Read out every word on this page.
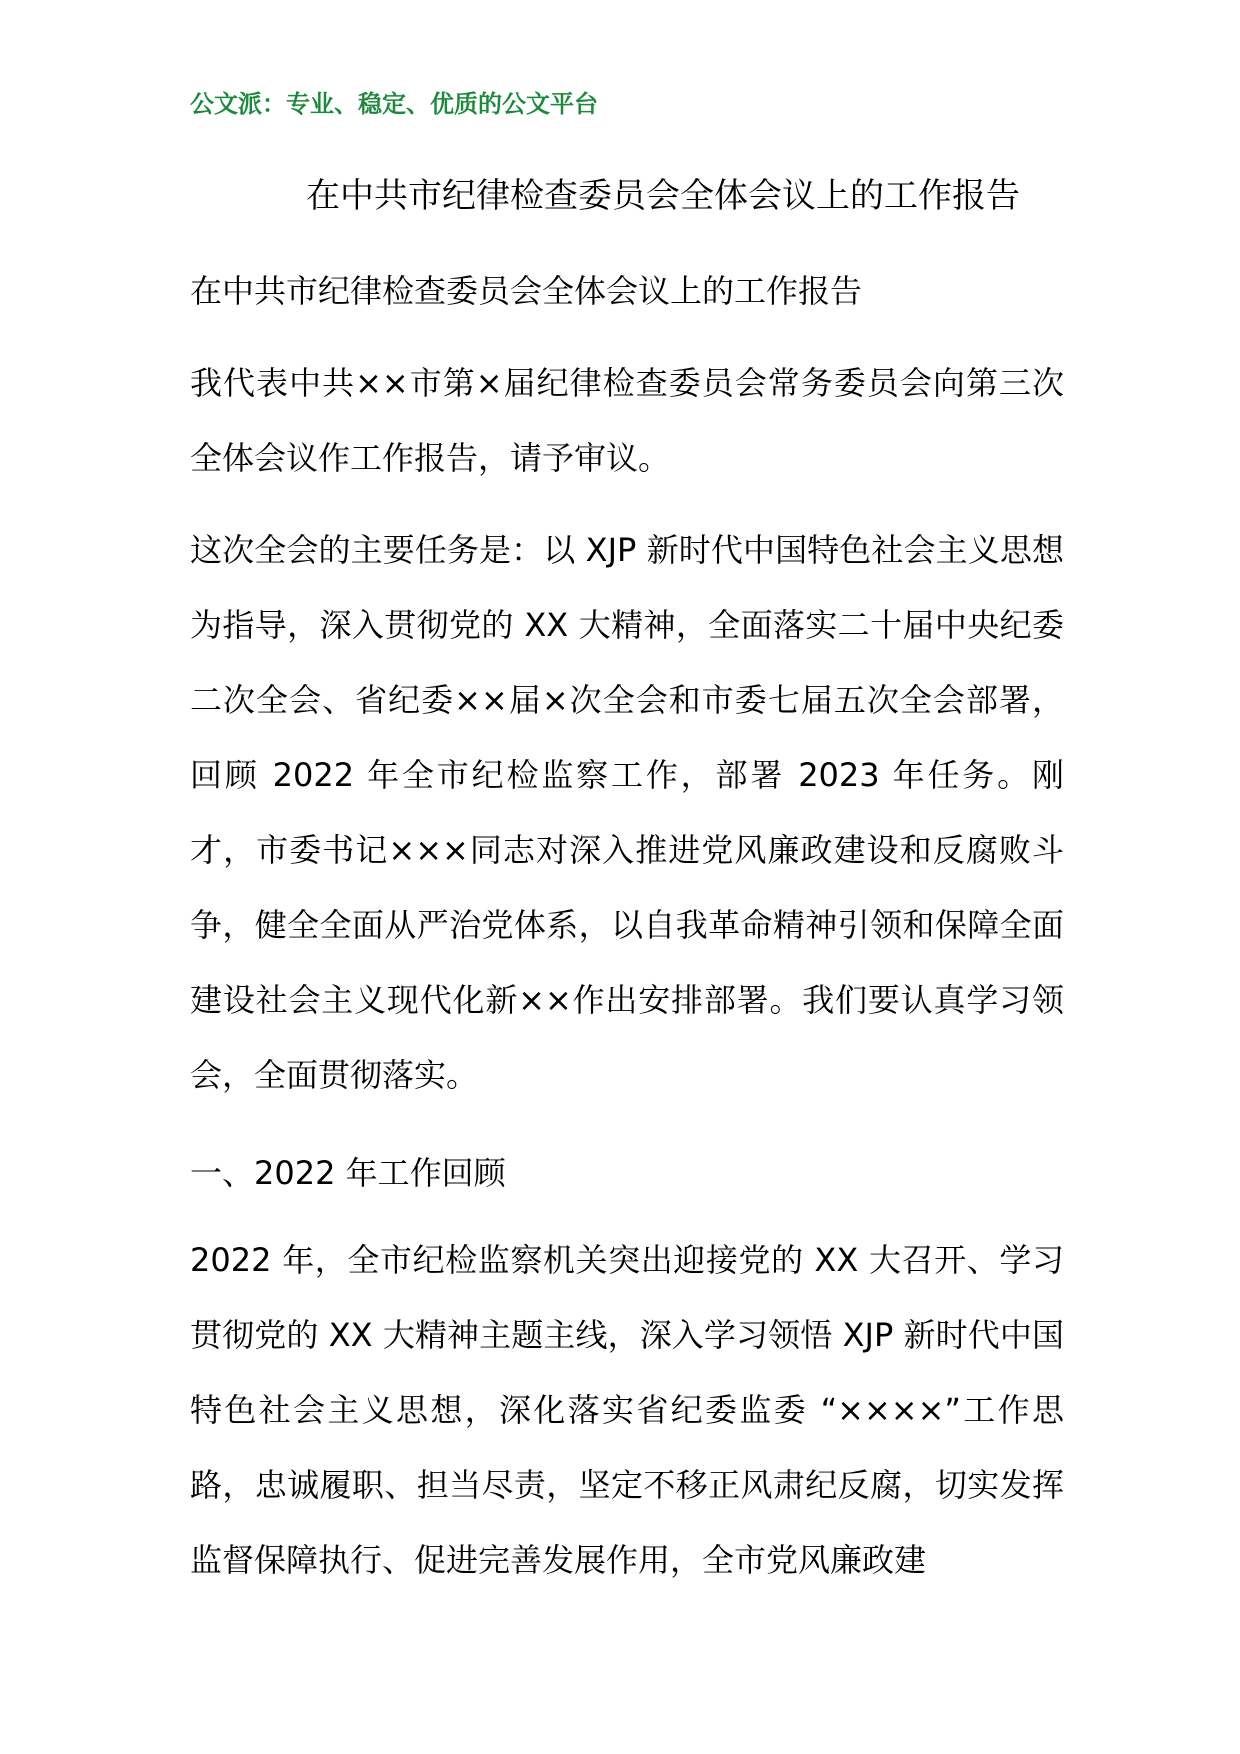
公文派：专业、稳定、优质的公文平台
在中共市纪律检查委员会全体会议上的工作报告
在中共市纪律检查委员会全体会议上的工作报告
我代表中共××市第×届纪律检查委员会常务委员会向第三次全体会议作工作报告，请予审议。
这次全会的主要任务是：以 XJP 新时代中国特色社会主义思想为指导，深入贯彻党的 XX 大精神，全面落实二十届中央纪委二次全会、省纪委××届×次全会和市委七届五次全会部署，回顾 2022 年全市纪检监察工作，部署 2023 年任务。刚才，市委书记×××同志对深入推进党风廉政建设和反腐败斗争，健全全面从严治党体系，以自我革命精神引领和保障全面建设社会主义现代化新××作出安排部署。我们要认真学习领会，全面贯彻落实。
一、2022 年工作回顾
2022 年，全市纪检监察机关突出迎接党的 XX 大召开、学习贯彻党的 XX 大精神主题主线，深入学习领悟 XJP 新时代中国特色社会主义思想，深化落实省纪委监委 “××××”工作思路，忠诚履职、担当尽责，坚定不移正风肃纪反腐，切实发挥监督保障执行、促进完善发展作用，全市党风廉政建
